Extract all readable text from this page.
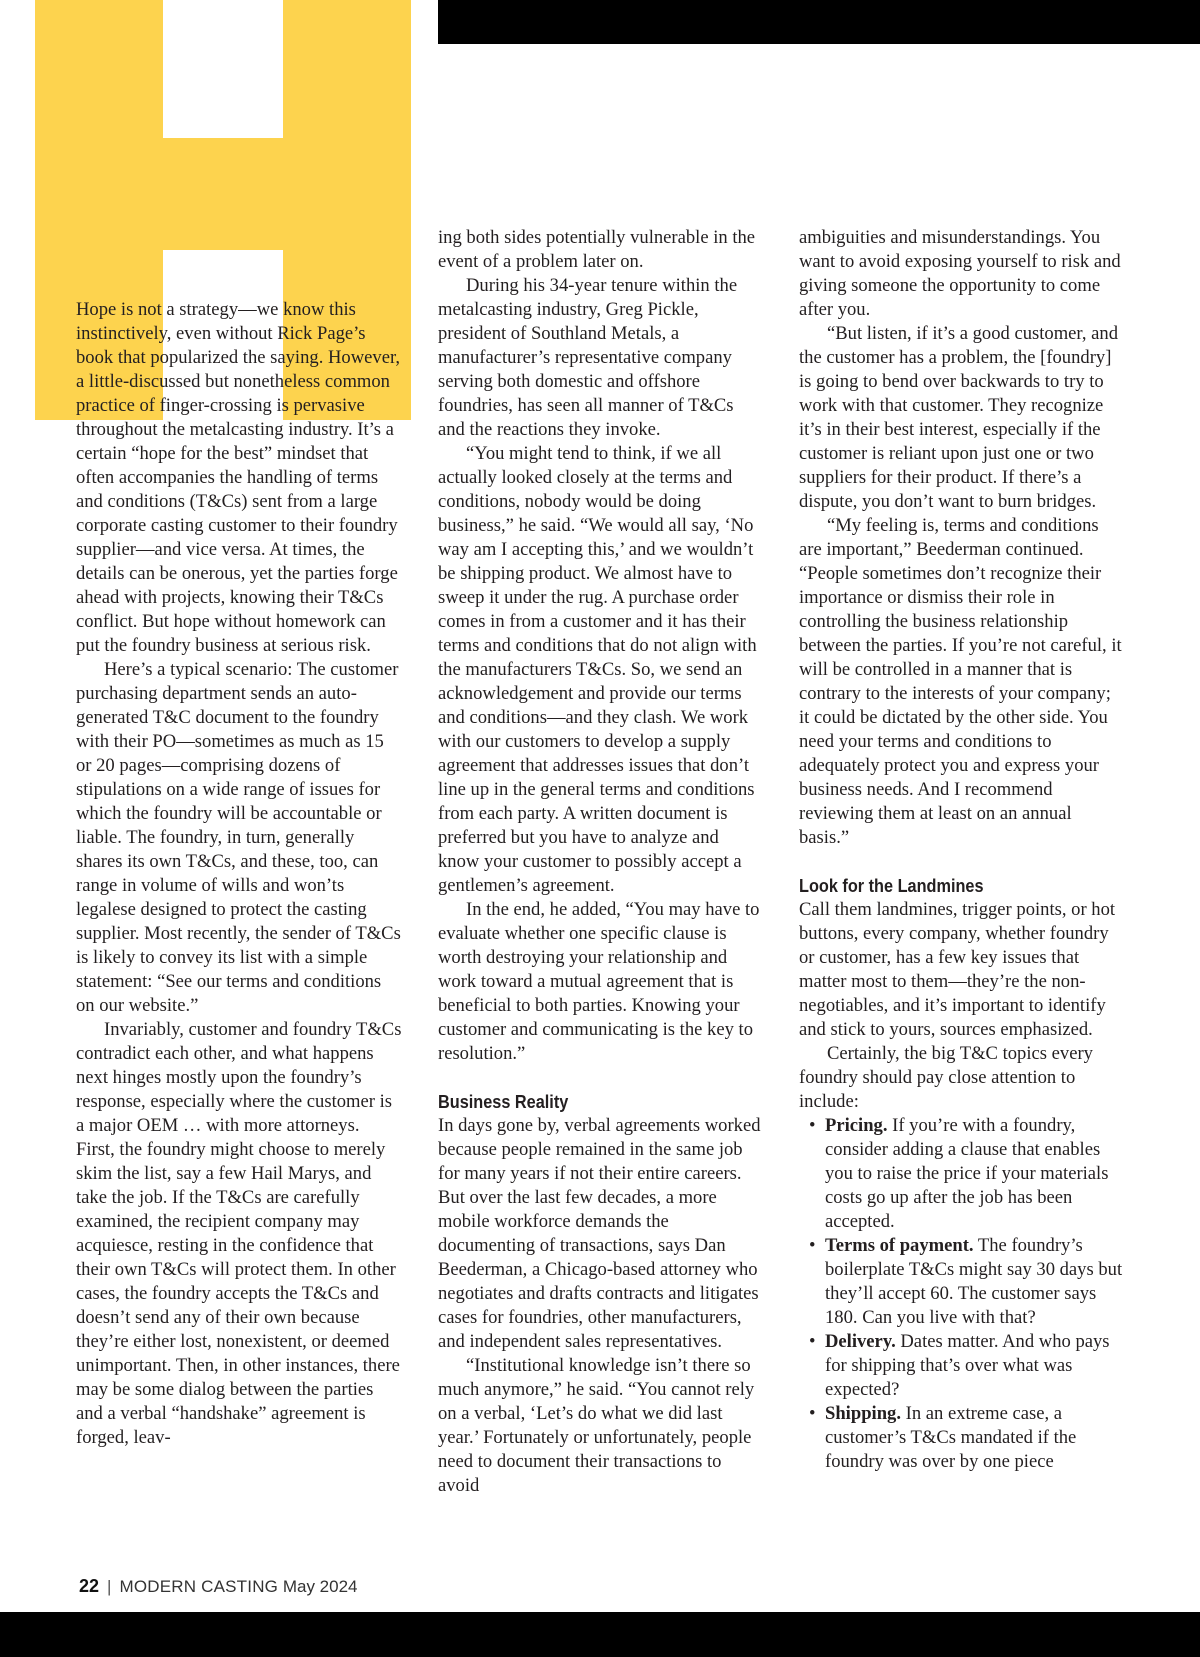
Hope is not a strategy—we know this instinctively, even without Rick Page’s book that popularized the saying. However, a little-discussed but nonetheless common practice of finger-crossing is pervasive throughout the metalcasting industry. It’s a certain “hope for the best” mindset that often accompanies the handling of terms and conditions (T&Cs) sent from a large corporate casting customer to their foundry supplier—and vice versa. At times, the details can be onerous, yet the parties forge ahead with projects, knowing their T&Cs conflict. But hope without homework can put the foundry business at serious risk.

Here’s a typical scenario: The customer purchasing department sends an auto-generated T&C document to the foundry with their PO—sometimes as much as 15 or 20 pages—comprising dozens of stipulations on a wide range of issues for which the foundry will be accountable or liable. The foundry, in turn, generally shares its own T&Cs, and these, too, can range in volume of wills and won’ts legalese designed to protect the casting supplier. Most recently, the sender of T&Cs is likely to convey its list with a simple statement: “See our terms and conditions on our website.”

Invariably, customer and foundry T&Cs contradict each other, and what happens next hinges mostly upon the foundry’s response, especially where the customer is a major OEM … with more attorneys. First, the foundry might choose to merely skim the list, say a few Hail Marys, and take the job. If the T&Cs are carefully examined, the recipient company may acquiesce, resting in the confidence that their own T&Cs will protect them. In other cases, the foundry accepts the T&Cs and doesn’t send any of their own because they’re either lost, nonexistent, or deemed unimportant. Then, in other instances, there may be some dialog between the parties and a verbal “handshake” agreement is forged, leav-

ing both sides potentially vulnerable in the event of a problem later on.

During his 34-year tenure within the metalcasting industry, Greg Pickle, president of Southland Metals, a manufacturer’s representative company serving both domestic and offshore foundries, has seen all manner of T&Cs and the reactions they invoke.

“You might tend to think, if we all actually looked closely at the terms and conditions, nobody would be doing business,” he said. “We would all say, ‘No way am I accepting this,’ and we wouldn’t be shipping product. We almost have to sweep it under the rug. A purchase order comes in from a customer and it has their terms and conditions that do not align with the manufacturers T&Cs. So, we send an acknowledgement and provide our terms and conditions—and they clash. We work with our customers to develop a supply agreement that addresses issues that don’t line up in the general terms and conditions from each party. A written document is preferred but you have to analyze and know your customer to possibly accept a gentlemen’s agreement.

In the end, he added, “You may have to evaluate whether one specific clause is worth destroying your relationship and work toward a mutual agreement that is beneficial to both parties. Knowing your customer and communicating is the key to resolution.”

Business Reality

In days gone by, verbal agreements worked because people remained in the same job for many years if not their entire careers. But over the last few decades, a more mobile workforce demands the documenting of transactions, says Dan Beederman, a Chicago-based attorney who negotiates and drafts contracts and litigates cases for foundries, other manufacturers, and independent sales representatives.

“Institutional knowledge isn’t there so much anymore,” he said. “You cannot rely on a verbal, ‘Let’s do what we did last year.’ Fortunately or unfortunately, people need to document their transactions to avoid

ambiguities and misunderstandings. You want to avoid exposing yourself to risk and giving someone the opportunity to come after you.

“But listen, if it’s a good customer, and the customer has a problem, the [foundry] is going to bend over backwards to try to work with that customer. They recognize it’s in their best interest, especially if the customer is reliant upon just one or two suppliers for their product. If there’s a dispute, you don’t want to burn bridges.

“My feeling is, terms and conditions are important,” Beederman continued. “People sometimes don’t recognize their importance or dismiss their role in controlling the business relationship between the parties. If you’re not careful, it will be controlled in a manner that is contrary to the interests of your company; it could be dictated by the other side. You need your terms and conditions to adequately protect you and express your business needs. And I recommend reviewing them at least on an annual basis.”

Look for the Landmines

Call them landmines, trigger points, or hot buttons, every company, whether foundry or customer, has a few key issues that matter most to them—they’re the non-negotiables, and it’s important to identify and stick to yours, sources emphasized.

Certainly, the big T&C topics every foundry should pay close attention to include:

• Pricing. If you’re with a foundry, consider adding a clause that enables you to raise the price if your materials costs go up after the job has been accepted.
• Terms of payment. The foundry’s boilerplate T&Cs might say 30 days but they’ll accept 60. The customer says 180. Can you live with that?
• Delivery. Dates matter. And who pays for shipping that’s over what was expected?
• Shipping. In an extreme case, a customer’s T&Cs mandated if the foundry was over by one piece
22 | MODERN CASTING May 2024
